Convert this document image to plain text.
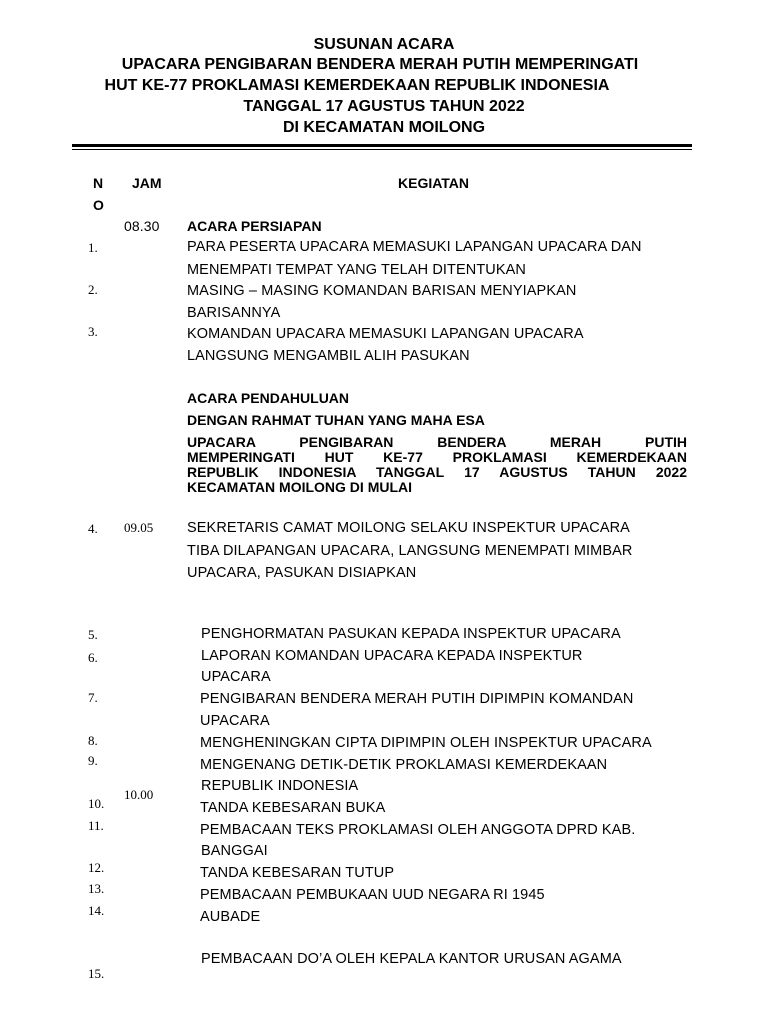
SUSUNAN ACARA
UPACARA PENGIBARAN BENDERA MERAH PUTIH MEMPERINGATI
HUT KE-77 PROKLAMASI KEMERDEKAAN REPUBLIK INDONESIA
TANGGAL 17 AGUSTUS TAHUN 2022
DI KECAMATAN MOILONG
N
O
JAM	KEGIATAN
08.30
09.05
10.00
1.
2.
3.
4.
5.
6.
7.
8.
9.
10.
11.
12.
13.
14.
15.
ACARA PERSIAPAN
PARA PESERTA UPACARA MEMASUKI LAPANGAN UPACARA DAN
MENEMPATI TEMPAT YANG TELAH DITENTUKAN
MASING – MASING KOMANDAN BARISAN MENYIAPKAN
BARISANNYA
KOMANDAN UPACARA MEMASUKI LAPANGAN UPACARA
LANGSUNG MENGAMBIL ALIH PASUKAN
ACARA PENDAHULUAN
DENGAN RAHMAT TUHAN YANG MAHA ESA
UPACARA PENGIBARAN BENDERA MERAH PUTIH
MEMPERINGATI HUT KE-77 PROKLAMASI KEMERDEKAAN
REPUBLIK INDONESIA TANGGAL 17 AGUSTUS TAHUN 2022
KECAMATAN MOILONG DI MULAI
SEKRETARIS CAMAT MOILONG SELAKU INSPEKTUR UPACARA
TIBA DILAPANGAN UPACARA, LANGSUNG MENEMPATI MIMBAR
UPACARA, PASUKAN DISIAPKAN
PENGHORMATAN PASUKAN KEPADA INSPEKTUR UPACARA
LAPORAN KOMANDAN UPACARA KEPADA INSPEKTUR
UPACARA
PENGIBARAN BENDERA MERAH PUTIH DIPIMPIN KOMANDAN
UPACARA
MENGHENINGKAN CIPTA DIPIMPIN OLEH INSPEKTUR UPACARA
MENGENANG DETIK-DETIK PROKLAMASI KEMERDEKAAN
REPUBLIK INDONESIA
TANDA KEBESARAN BUKA
PEMBACAAN TEKS PROKLAMASI OLEH ANGGOTA DPRD KAB.
BANGGAI
TANDA KEBESARAN TUTUP
PEMBACAAN PEMBUKAAN UUD NEGARA RI 1945
AUBADE
PEMBACAAN DO’A OLEH KEPALA KANTOR URUSAN AGAMA
